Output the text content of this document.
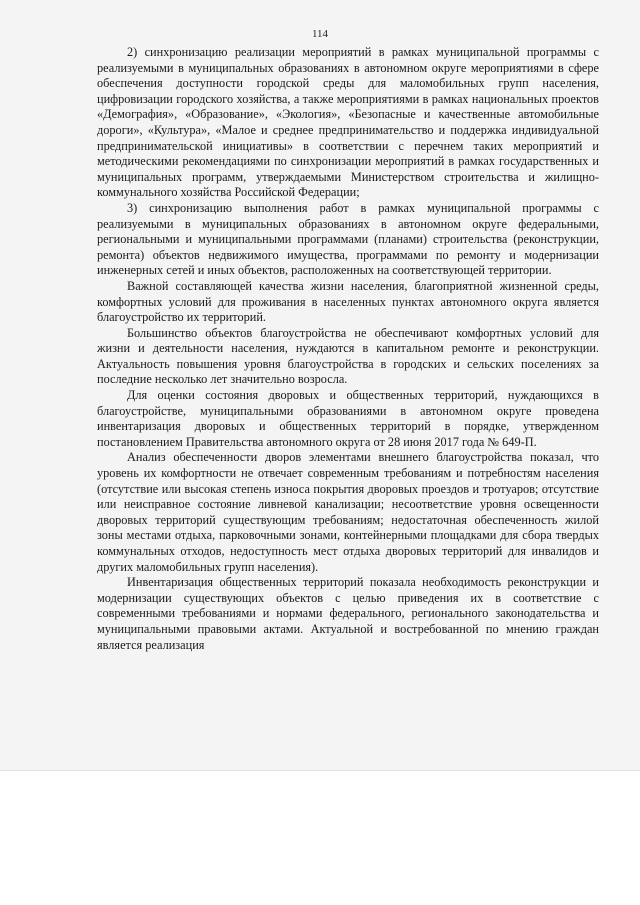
114

2) синхронизацию реализации мероприятий в рамках муниципальной программы с реализуемыми в муниципальных образованиях в автономном округе мероприятиями в сфере обеспечения доступности городской среды для маломобильных групп населения, цифровизации городского хозяйства, а также мероприятиями в рамках национальных проектов «Демография», «Образование», «Экология», «Безопасные и качественные автомобильные дороги», «Культура», «Малое и среднее предпринимательство и поддержка индивидуальной предпринимательской инициативы» в соответствии с перечнем таких мероприятий и методическими рекомендациями по синхронизации мероприятий в рамках государственных и муниципальных программ, утверждаемыми Министерством строительства и жилищно-коммунального хозяйства Российской Федерации;

3) синхронизацию выполнения работ в рамках муниципальной программы с реализуемыми в муниципальных образованиях в автономном округе федеральными, региональными и муниципальными программами (планами) строительства (реконструкции, ремонта) объектов недвижимого имущества, программами по ремонту и модернизации инженерных сетей и иных объектов, расположенных на соответствующей территории.

Важной составляющей качества жизни населения, благоприятной жизненной среды, комфортных условий для проживания в населенных пунктах автономного округа является благоустройство их территорий.

Большинство объектов благоустройства не обеспечивают комфортных условий для жизни и деятельности населения, нуждаются в капитальном ремонте и реконструкции. Актуальность повышения уровня благоустройства в городских и сельских поселениях за последние несколько лет значительно возросла.

Для оценки состояния дворовых и общественных территорий, нуждающихся в благоустройстве, муниципальными образованиями в автономном округе проведена инвентаризация дворовых и общественных территорий в порядке, утвержденном постановлением Правительства автономного округа от 28 июня 2017 года № 649-П.

Анализ обеспеченности дворов элементами внешнего благоустройства показал, что уровень их комфортности не отвечает современным требованиям и потребностям населения (отсутствие или высокая степень износа покрытия дворовых проездов и тротуаров; отсутствие или неисправное состояние ливневой канализации; несоответствие уровня освещенности дворовых территорий существующим требованиям; недостаточная обеспеченность жилой зоны местами отдыха, парковочными зонами, контейнерными площадками для сбора твердых коммунальных отходов, недоступность мест отдыха дворовых территорий для инвалидов и других маломобильных групп населения).

Инвентаризация общественных территорий показала необходимость реконструкции и модернизации существующих объектов с целью приведения их в соответствие с современными требованиями и нормами федерального, регионального законодательства и муниципальными правовыми актами. Актуальной и востребованной по мнению граждан является реализация
